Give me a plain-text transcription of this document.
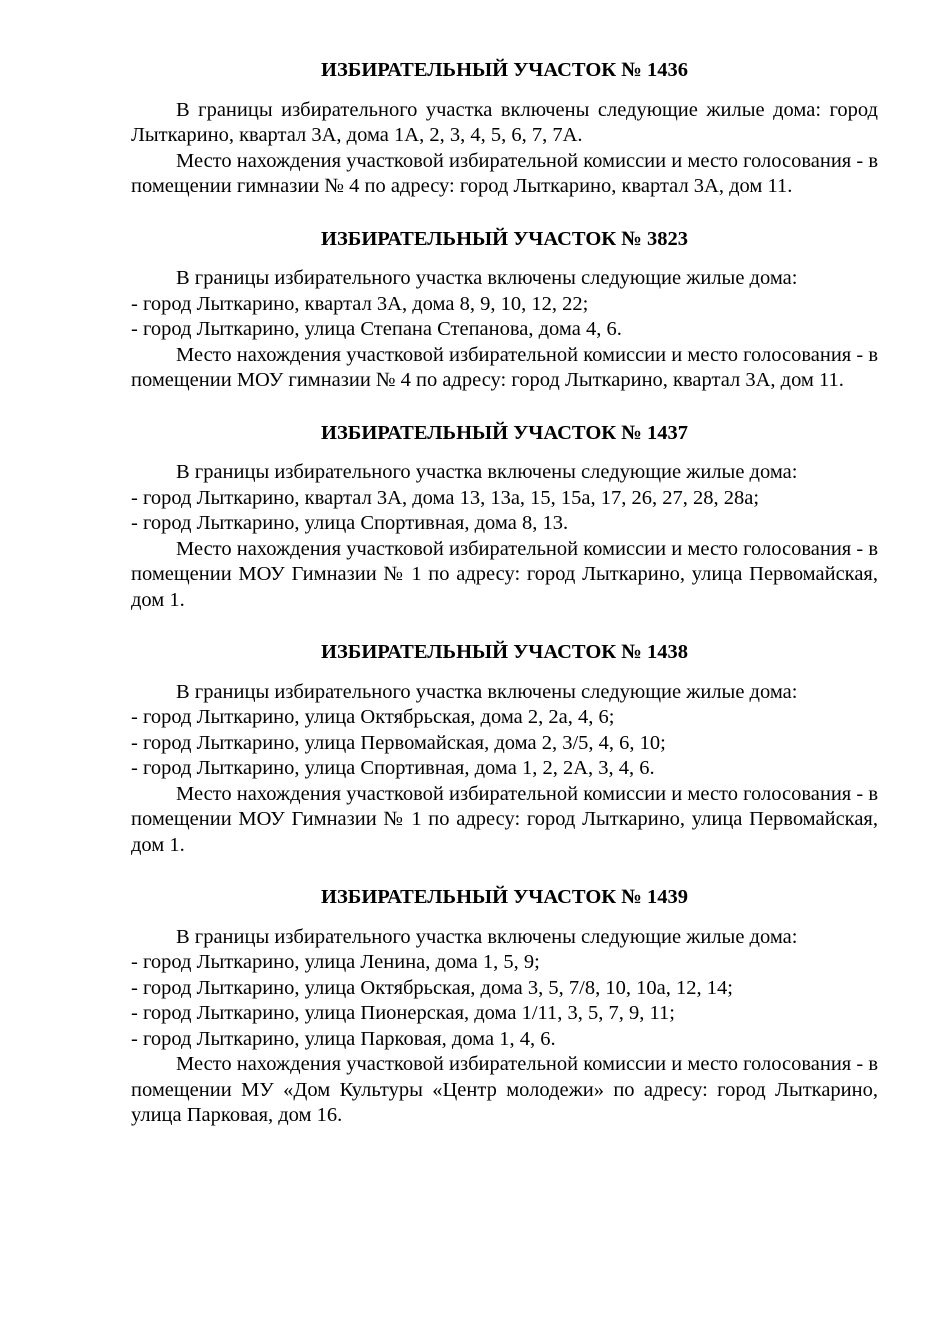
ИЗБИРАТЕЛЬНЫЙ УЧАСТОК № 1436

В границы избирательного участка включены следующие жилые дома: город Лыткарино, квартал 3А, дома 1А, 2, 3, 4, 5, 6, 7, 7А.

Место нахождения участковой избирательной комиссии и место голосования - в помещении гимназии № 4 по адресу: город Лыткарино, квартал 3А, дом 11.

ИЗБИРАТЕЛЬНЫЙ УЧАСТОК № 3823

В границы избирательного участка включены следующие жилые дома:

- город Лыткарино, квартал 3А, дома 8, 9, 10, 12, 22;
- город Лыткарино, улица Степана Степанова, дома 4, 6.

Место нахождения участковой избирательной комиссии и место голосования - в помещении МОУ гимназии № 4 по адресу: город Лыткарино, квартал 3А, дом 11.

ИЗБИРАТЕЛЬНЫЙ УЧАСТОК № 1437

В границы избирательного участка включены следующие жилые дома:

- город Лыткарино, квартал 3А, дома 13, 13а, 15, 15а, 17, 26, 27, 28, 28а;
- город Лыткарино, улица Спортивная, дома 8, 13.

Место нахождения участковой избирательной комиссии и место голосования - в помещении МОУ Гимназии № 1 по адресу: город Лыткарино, улица Первомайская, дом 1.

ИЗБИРАТЕЛЬНЫЙ УЧАСТОК № 1438

В границы избирательного участка включены следующие жилые дома:

- город Лыткарино, улица Октябрьская, дома 2, 2а, 4, 6;
- город Лыткарино, улица Первомайская, дома 2, 3/5, 4, 6, 10;
- город Лыткарино, улица Спортивная, дома 1, 2, 2А, 3, 4, 6.

Место нахождения участковой избирательной комиссии и место голосования - в помещении МОУ Гимназии № 1 по адресу: город Лыткарино, улица Первомайская, дом 1.

ИЗБИРАТЕЛЬНЫЙ УЧАСТОК № 1439

В границы избирательного участка включены следующие жилые дома:

- город Лыткарино, улица Ленина, дома 1, 5, 9;
- город Лыткарино, улица Октябрьская, дома 3, 5, 7/8, 10, 10а, 12, 14;
- город Лыткарино, улица Пионерская, дома 1/11, 3, 5, 7, 9, 11;
- город Лыткарино, улица Парковая, дома 1, 4, 6.

Место нахождения участковой избирательной комиссии и место голосования - в помещении МУ «Дом Культуры «Центр молодежи» по адресу: город Лыткарино, улица Парковая, дом 16.
